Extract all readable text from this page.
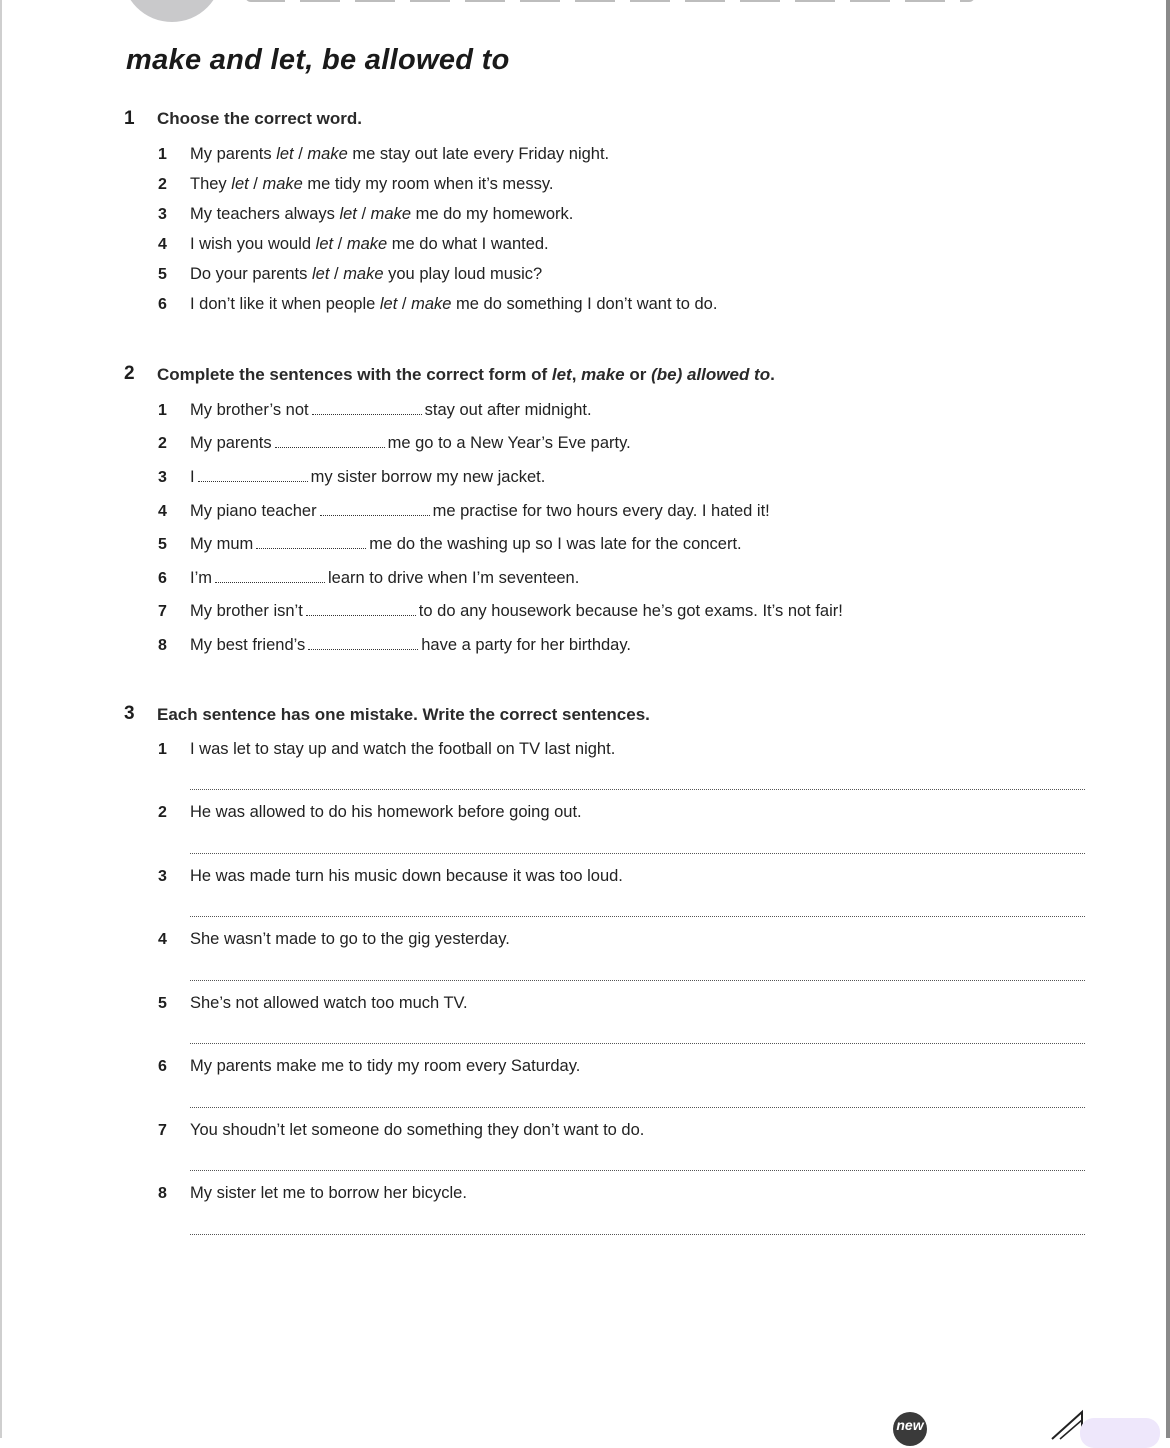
make and let, be allowed to
1 Choose the correct word.
1	My parents let / make me stay out late every Friday night.
2	They let / make me tidy my room when it’s messy.
3	My teachers always let / make me do my homework.
4	I wish you would let / make me do what I wanted.
5	Do your parents let / make you play loud music?
6	I don’t like it when people let / make me do something I don’t want to do.
2 Complete the sentences with the correct form of let, make or (be) allowed to.
1	My brother’s not	stay out after midnight.
2	My parents	me go to a New Year’s Eve party.
3	I	my sister borrow my new jacket.
4	My piano teacher	me practise for two hours every day. I hated it!
5	My mum	me do the washing up so I was late for the concert.
6	I’m	learn to drive when I’m seventeen.
7	My brother isn’t	to do any housework because he’s got exams. It’s not fair!
8	My best friend’s	have a party for her birthday.
3 Each sentence has one mistake. Write the correct sentences.
1	I was let to stay up and watch the football on TV last night.
2	He was allowed to do his homework before going out.
3	He was made turn his music down because it was too loud.
4	She wasn’t made to go to the gig yesterday.
5	She’s not allowed watch too much TV.
6	My parents make me to tidy my room every Saturday.
7	You shoudn’t let someone do something they don’t want to do.
8	My sister let me to borrow her bicycle.
new
